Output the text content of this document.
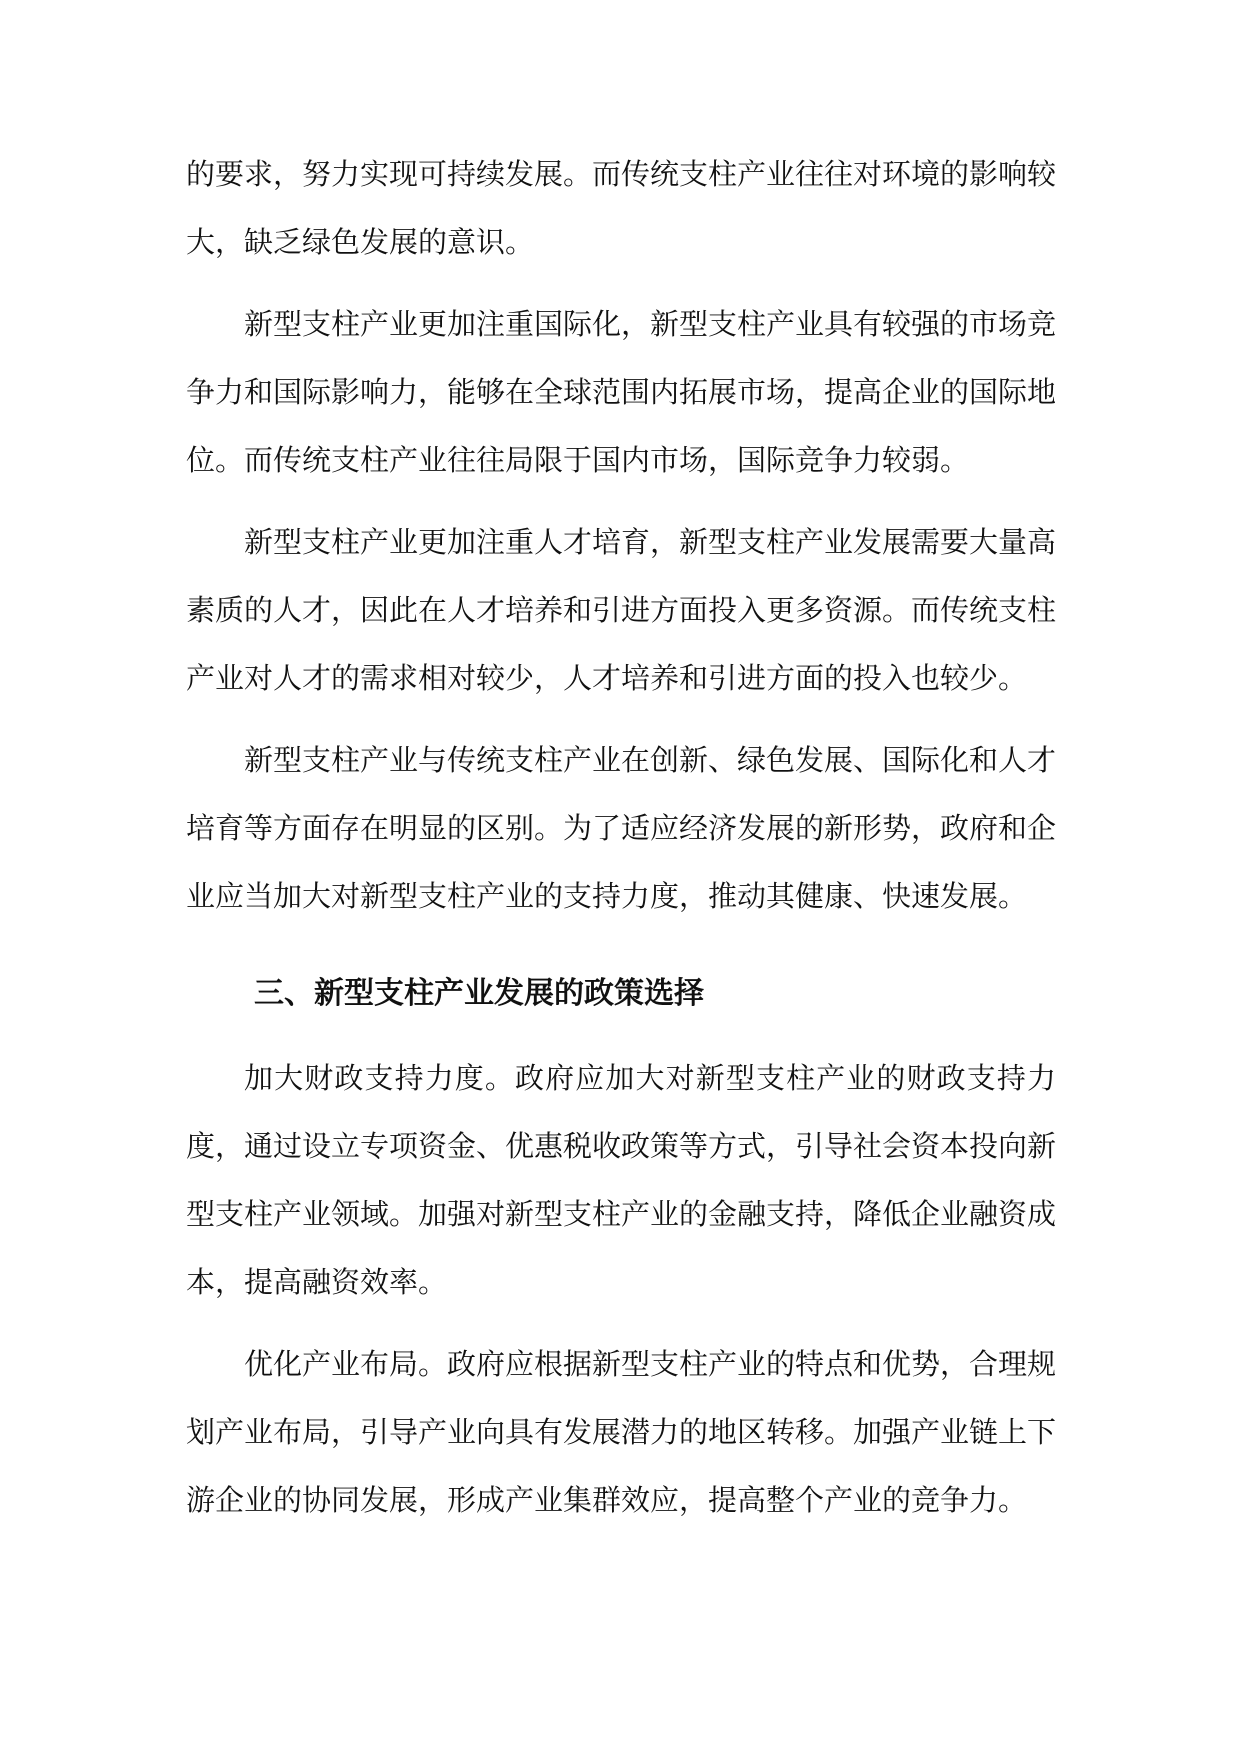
的要求，努力实现可持续发展。而传统支柱产业往往对环境的影响较大，缺乏绿色发展的意识。

新型支柱产业更加注重国际化，新型支柱产业具有较强的市场竞争力和国际影响力，能够在全球范围内拓展市场，提高企业的国际地位。而传统支柱产业往往局限于国内市场，国际竞争力较弱。

新型支柱产业更加注重人才培育，新型支柱产业发展需要大量高素质的人才，因此在人才培养和引进方面投入更多资源。而传统支柱产业对人才的需求相对较少，人才培养和引进方面的投入也较少。

新型支柱产业与传统支柱产业在创新、绿色发展、国际化和人才培育等方面存在明显的区别。为了适应经济发展的新形势，政府和企业应当加大对新型支柱产业的支持力度，推动其健康、快速发展。

三、新型支柱产业发展的政策选择

加大财政支持力度。政府应加大对新型支柱产业的财政支持力度，通过设立专项资金、优惠税收政策等方式，引导社会资本投向新型支柱产业领域。加强对新型支柱产业的金融支持，降低企业融资成本，提高融资效率。

优化产业布局。政府应根据新型支柱产业的特点和优势，合理规划产业布局，引导产业向具有发展潜力的地区转移。加强产业链上下游企业的协同发展，形成产业集群效应，提高整个产业的竞争力。
